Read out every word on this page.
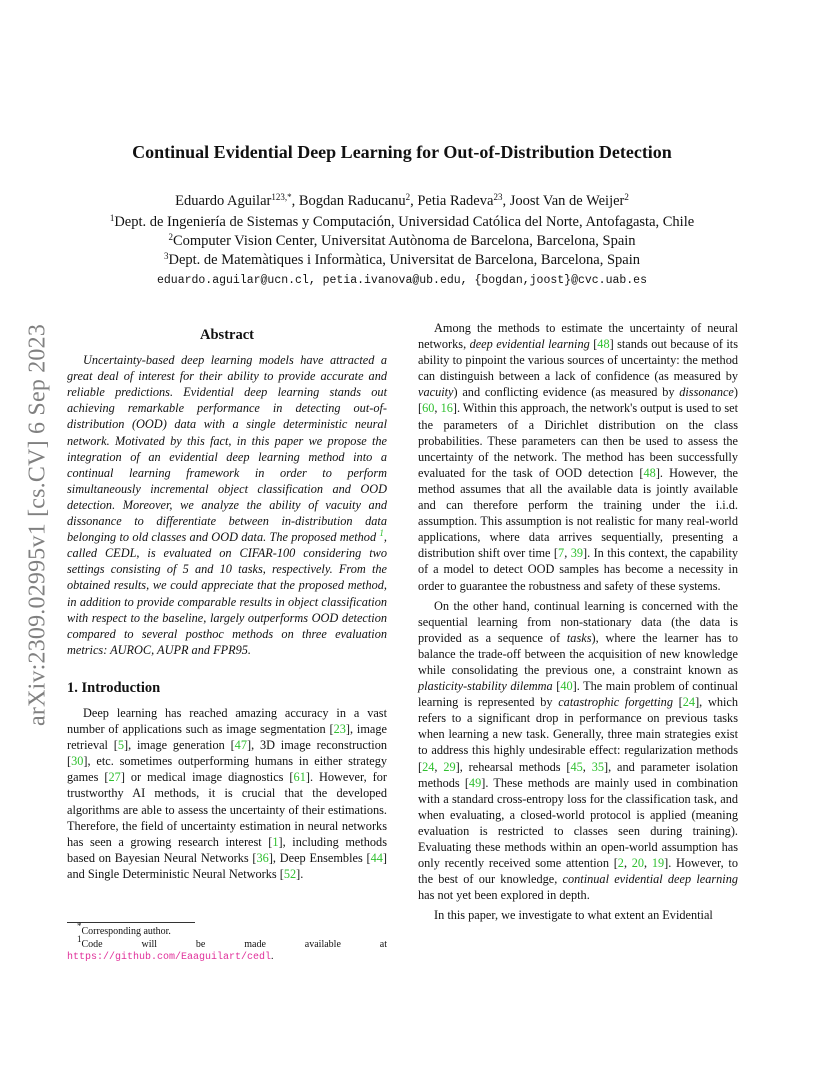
arXiv:2309.02995v1 [cs.CV] 6 Sep 2023
Continual Evidential Deep Learning for Out-of-Distribution Detection
Eduardo Aguilar$^{123,*}$, Bogdan Raducanu$^2$, Petia Radeva$^{23}$, Joost Van de Weijer$^2$
$^1$Dept. de Ingeniería de Sistemas y Computación, Universidad Católica del Norte, Antofagasta, Chile
$^2$Computer Vision Center, Universitat Autònoma de Barcelona, Barcelona, Spain
$^3$Dept. de Matemàtiques i Informàtica, Universitat de Barcelona, Barcelona, Spain
eduardo.aguilar@ucn.cl, petia.ivanova@ub.edu, {bogdan,joost}@cvc.uab.es
Abstract

Uncertainty-based deep learning models have attracted a great deal of interest for their ability to provide accurate and reliable predictions. Evidential deep learning stands out achieving remarkable performance in detecting out-of-distribution (OOD) data with a single deterministic neural network. Motivated by this fact, in this paper we propose the integration of an evidential deep learning method into a continual learning framework in order to perform simultaneously incremental object classification and OOD detection. Moreover, we analyze the ability of vacuity and dissonance to differentiate between in-distribution data belonging to old classes and OOD data. The proposed method $^1$, called CEDL, is evaluated on CIFAR-100 considering two settings consisting of 5 and 10 tasks, respectively. From the obtained results, we could appreciate that the proposed method, in addition to provide comparable results in object classification with respect to the baseline, largely outperforms OOD detection compared to several posthoc methods on three evaluation metrics: AUROC, AUPR and FPR95.

1. Introduction

Deep learning has reached amazing accuracy in a vast number of applications such as image segmentation [23], image retrieval [5], image generation [47], 3D image reconstruction [30], etc. sometimes outperforming humans in either strategy games [27] or medical image diagnostics [61]. However, for trustworthy AI methods, it is crucial that the developed algorithms are able to assess the uncertainty of their estimations. Therefore, the field of uncertainty estimation in neural networks has seen a growing research interest [1], including methods based on Bayesian Neural Networks [36], Deep Ensembles [44] and Single Deterministic Neural Networks [52].

*Corresponding author.

$^1$Code will be made available at https://github.com/Eaaguilart/cedl.

Among the methods to estimate the uncertainty of neural networks, deep evidential learning [48] stands out because of its ability to pinpoint the various sources of uncertainty: the method can distinguish between a lack of confidence (as measured by vacuity) and conflicting evidence (as measured by dissonance) [60, 16]. Within this approach, the network's output is used to set the parameters of a Dirichlet distribution on the class probabilities. These parameters can then be used to assess the uncertainty of the network. The method has been successfully evaluated for the task of OOD detection [48]. However, the method assumes that all the available data is jointly available and can therefore perform the training under the i.i.d. assumption. This assumption is not realistic for many real-world applications, where data arrives sequentially, presenting a distribution shift over time [7, 39]. In this context, the capability of a model to detect OOD samples has become a necessity in order to guarantee the robustness and safety of these systems.

On the other hand, continual learning is concerned with the sequential learning from non-stationary data (the data is provided as a sequence of tasks), where the learner has to balance the trade-off between the acquisition of new knowledge while consolidating the previous one, a constraint known as plasticity-stability dilemma [40]. The main problem of continual learning is represented by catastrophic forgetting [24], which refers to a significant drop in performance on previous tasks when learning a new task. Generally, three main strategies exist to address this highly undesirable effect: regularization methods [24, 29], rehearsal methods [45, 35], and parameter isolation methods [49]. These methods are mainly used in combination with a standard cross-entropy loss for the classification task, and when evaluating, a closed-world protocol is applied (meaning evaluation is restricted to classes seen during training). Evaluating these methods within an open-world assumption has only recently received some attention [2, 20, 19]. However, to the best of our knowledge, continual evidential deep learning has not yet been explored in depth.

In this paper, we investigate to what extent an Evidential
